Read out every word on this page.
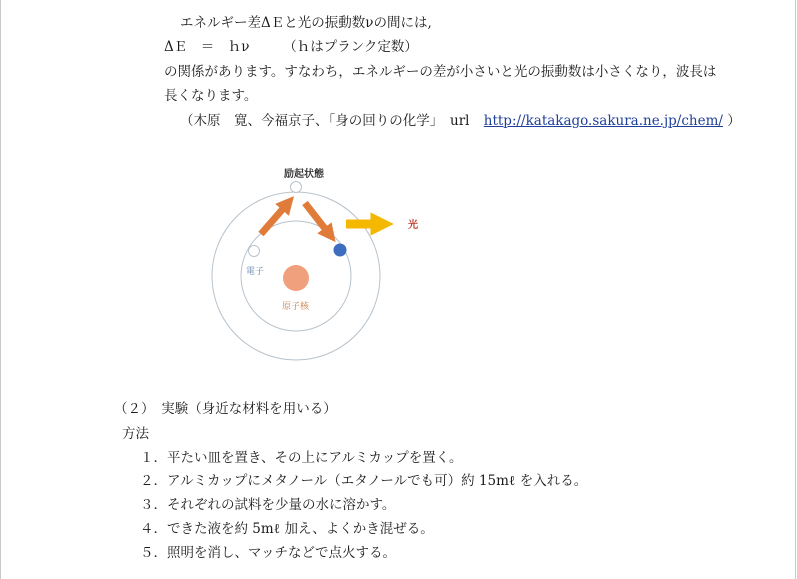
エネルギー差ΔＥと光の振動数νの間には,
ΔＥ　＝　ｈν　　　（ｈはプランク定数）
の関係があります。すなわち，エネルギーの差が小さいと光の振動数は小さくなり，波長は
長くなります。
（木原　寛、今福京子、「身の回りの化学」　url http://katakago.sakura.ne.jp/chem/ ）
励起状態
光
電子
原子核
（２）　実験（身近な材料を用いる）
方法
１．平たい皿を置き、その上にアルミカップを置く。
２．アルミカップにメタノール（エタノールでも可）約 15mℓ を入れる。
３．それぞれの試料を少量の水に溶かす。
４．できた液を約 5mℓ 加え、よくかき混ぜる。
５．照明を消し、マッチなどで点火する。
